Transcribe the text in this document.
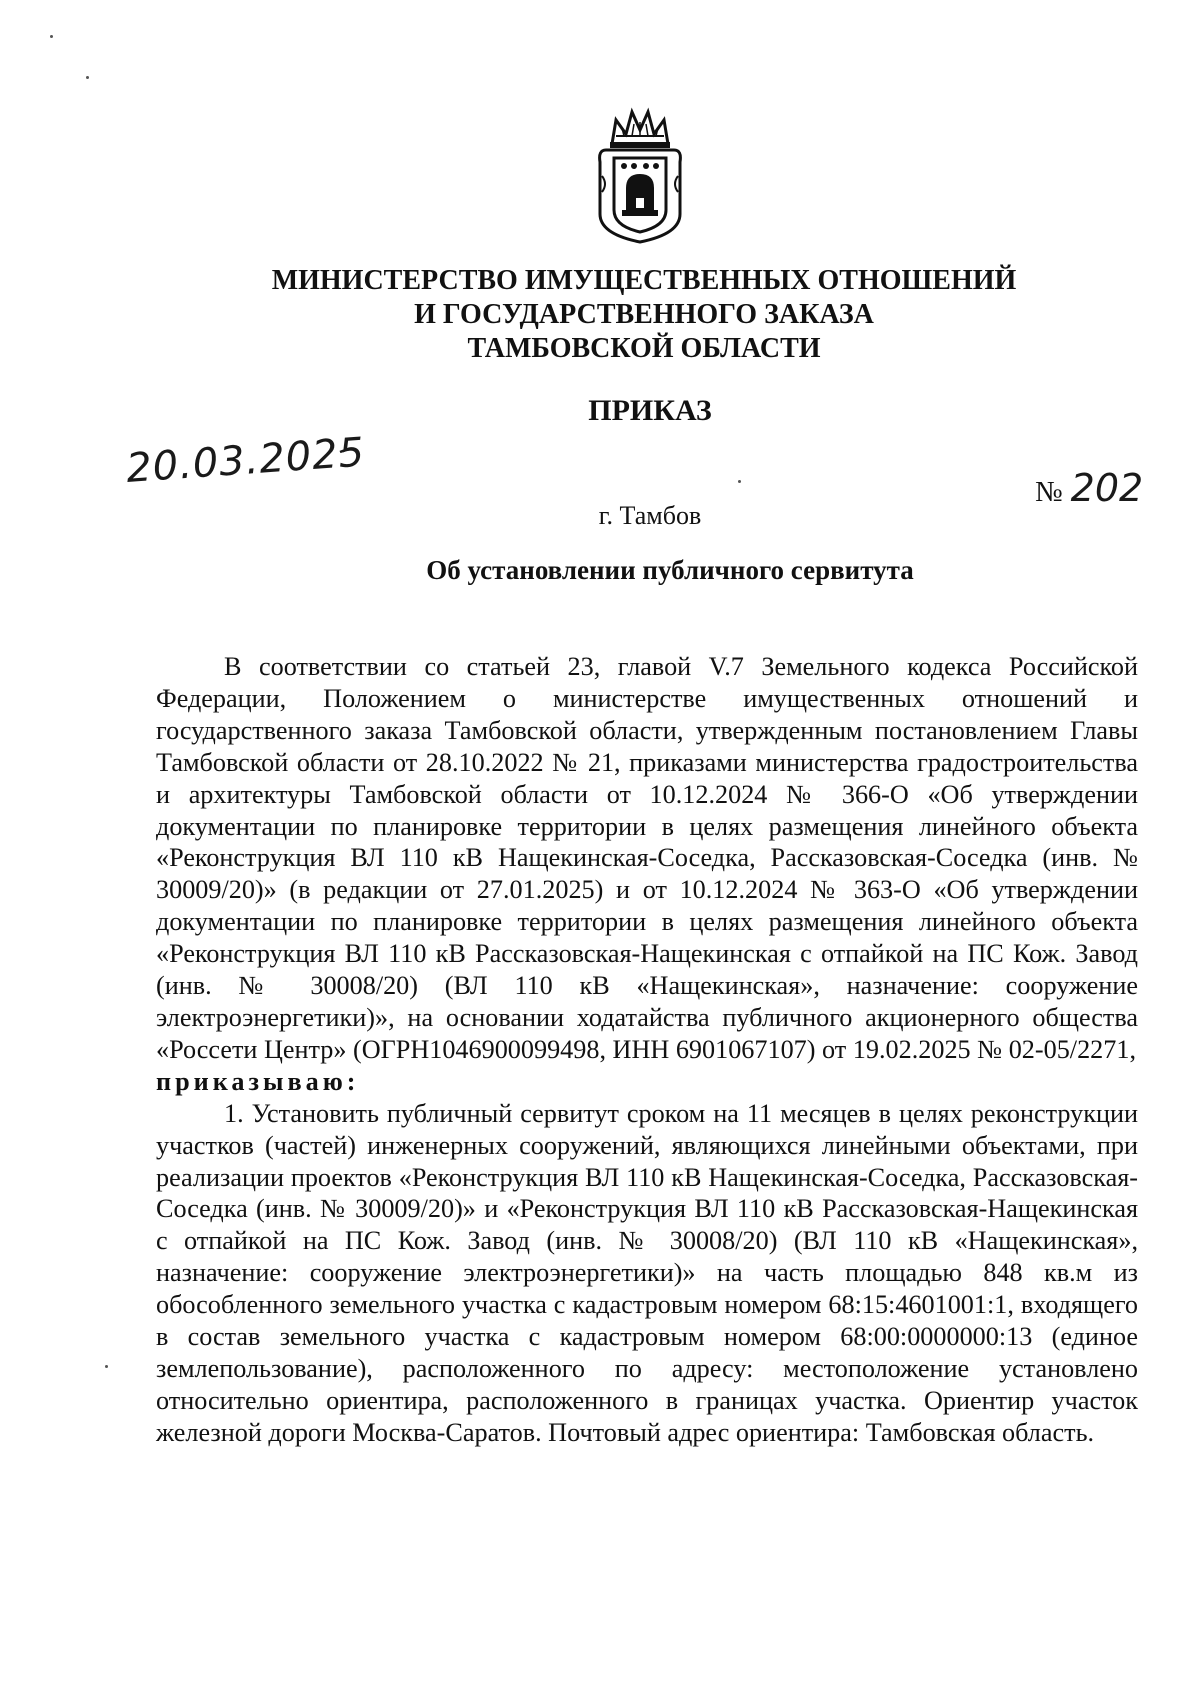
МИНИСТЕРСТВО ИМУЩЕСТВЕННЫХ ОТНОШЕНИЙ
И ГОСУДАРСТВЕННОГО ЗАКАЗА
ТАМБОВСКОЙ ОБЛАСТИ
ПРИКАЗ
20.03.2025	№ 202
г. Тамбов
Об установлении публичного сервитута

В соответствии со статьей 23, главой V.7 Земельного кодекса Российской Федерации, Положением о министерстве имущественных отношений и государственного заказа Тамбовской области, утвержденным постановлением Главы Тамбовской области от 28.10.2022 № 21, приказами министерства градостроительства и архитектуры Тамбовской области от 10.12.2024 № 366-О «Об утверждении документации по планировке территории в целях размещения линейного объекта «Реконструкция ВЛ 110 кВ Нащекинская-Соседка, Рассказовская-Соседка (инв. № 30009/20)» (в редакции от 27.01.2025) и от 10.12.2024 № 363-О «Об утверждении документации по планировке территории в целях размещения линейного объекта «Реконструкция ВЛ 110 кВ Рассказовская-Нащекинская с отпайкой на ПС Кож. Завод (инв. № 30008/20) (ВЛ 110 кВ «Нащекинская», назначение: сооружение электроэнергетики)», на основании ходатайства публичного акционерного общества «Россети Центр» (ОГРН1046900099498, ИНН 6901067107) от 19.02.2025 № 02-05/2271,

приказываю:

1. Установить публичный сервитут сроком на 11 месяцев в целях реконструкции участков (частей) инженерных сооружений, являющихся линейными объектами, при реализации проектов «Реконструкция ВЛ 110 кВ Нащекинская-Соседка, Рассказовская-Соседка (инв. № 30009/20)» и «Реконструкция ВЛ 110 кВ Рассказовская-Нащекинская с отпайкой на ПС Кож. Завод (инв. № 30008/20) (ВЛ 110 кВ «Нащекинская», назначение: сооружение электроэнергетики)» на часть площадью 848 кв.м из обособленного земельного участка с кадастровым номером 68:15:4601001:1, входящего в состав земельного участка с кадастровым номером 68:00:0000000:13 (единое землепользование), расположенного по адресу: местоположение установлено относительно ориентира, расположенного в границах участка. Ориентир участок железной дороги Москва-Саратов. Почтовый адрес ориентира: Тамбовская область.
